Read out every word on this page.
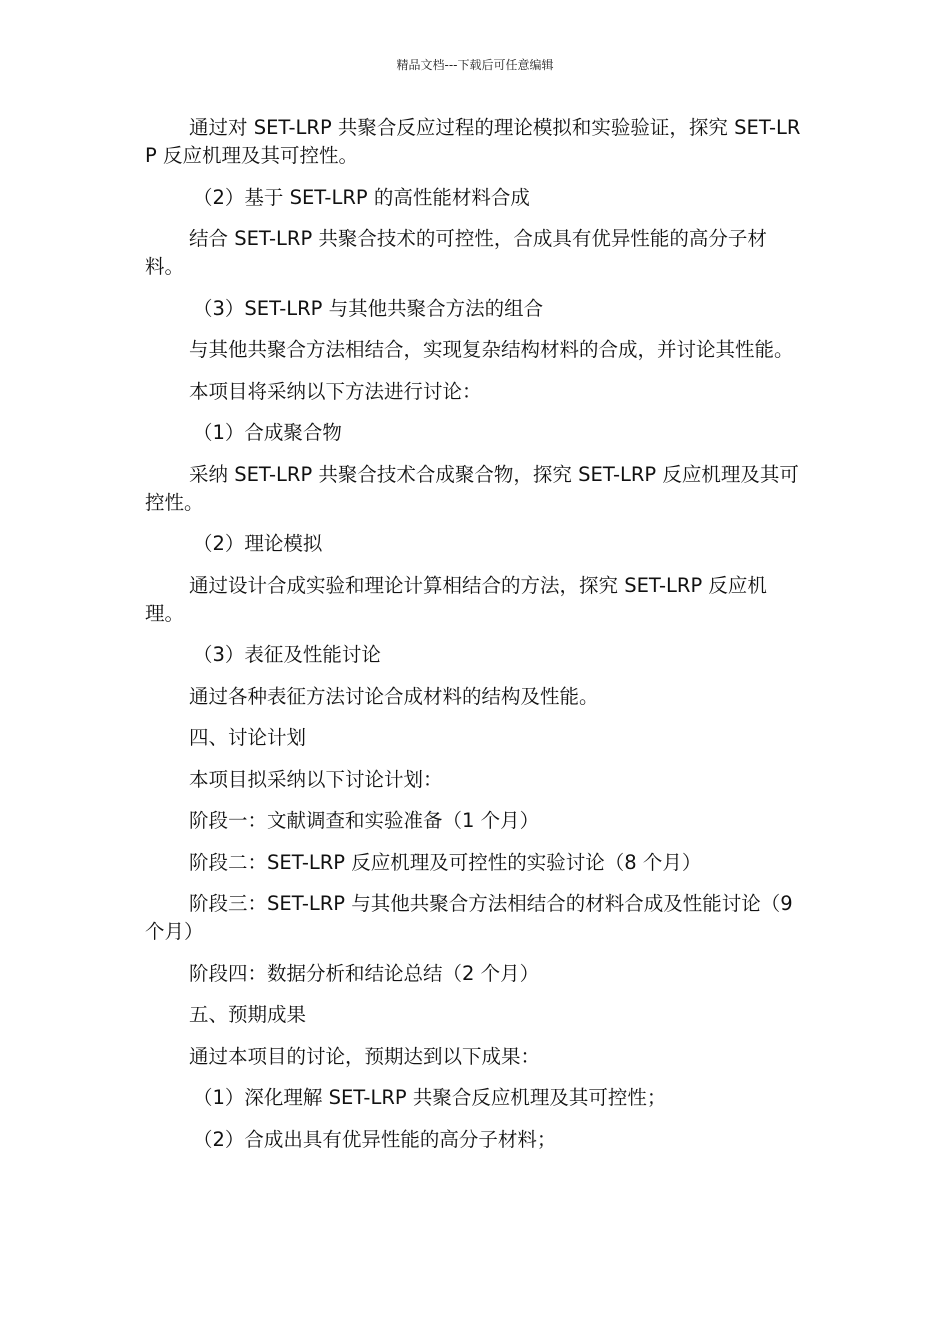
精品文档---下载后可任意编辑

通过对 SET-LRP 共聚合反应过程的理论模拟和实验验证，探究 SET-LRP 反应机理及其可控性。

（2）基于 SET-LRP 的高性能材料合成

结合 SET-LRP 共聚合技术的可控性，合成具有优异性能的高分子材料。

（3）SET-LRP 与其他共聚合方法的组合

与其他共聚合方法相结合，实现复杂结构材料的合成，并讨论其性能。

本项目将采纳以下方法进行讨论：

（1）合成聚合物

采纳 SET-LRP 共聚合技术合成聚合物，探究 SET-LRP 反应机理及其可控性。

（2）理论模拟

通过设计合成实验和理论计算相结合的方法，探究 SET-LRP 反应机理。

（3）表征及性能讨论

通过各种表征方法讨论合成材料的结构及性能。

四、讨论计划

本项目拟采纳以下讨论计划：

阶段一：文献调查和实验准备（1 个月）

阶段二：SET-LRP 反应机理及可控性的实验讨论（8 个月）

阶段三：SET-LRP 与其他共聚合方法相结合的材料合成及性能讨论（9 个月）

阶段四：数据分析和结论总结（2 个月）

五、预期成果

通过本项目的讨论，预期达到以下成果：

（1）深化理解 SET-LRP 共聚合反应机理及其可控性；

（2）合成出具有优异性能的高分子材料；
